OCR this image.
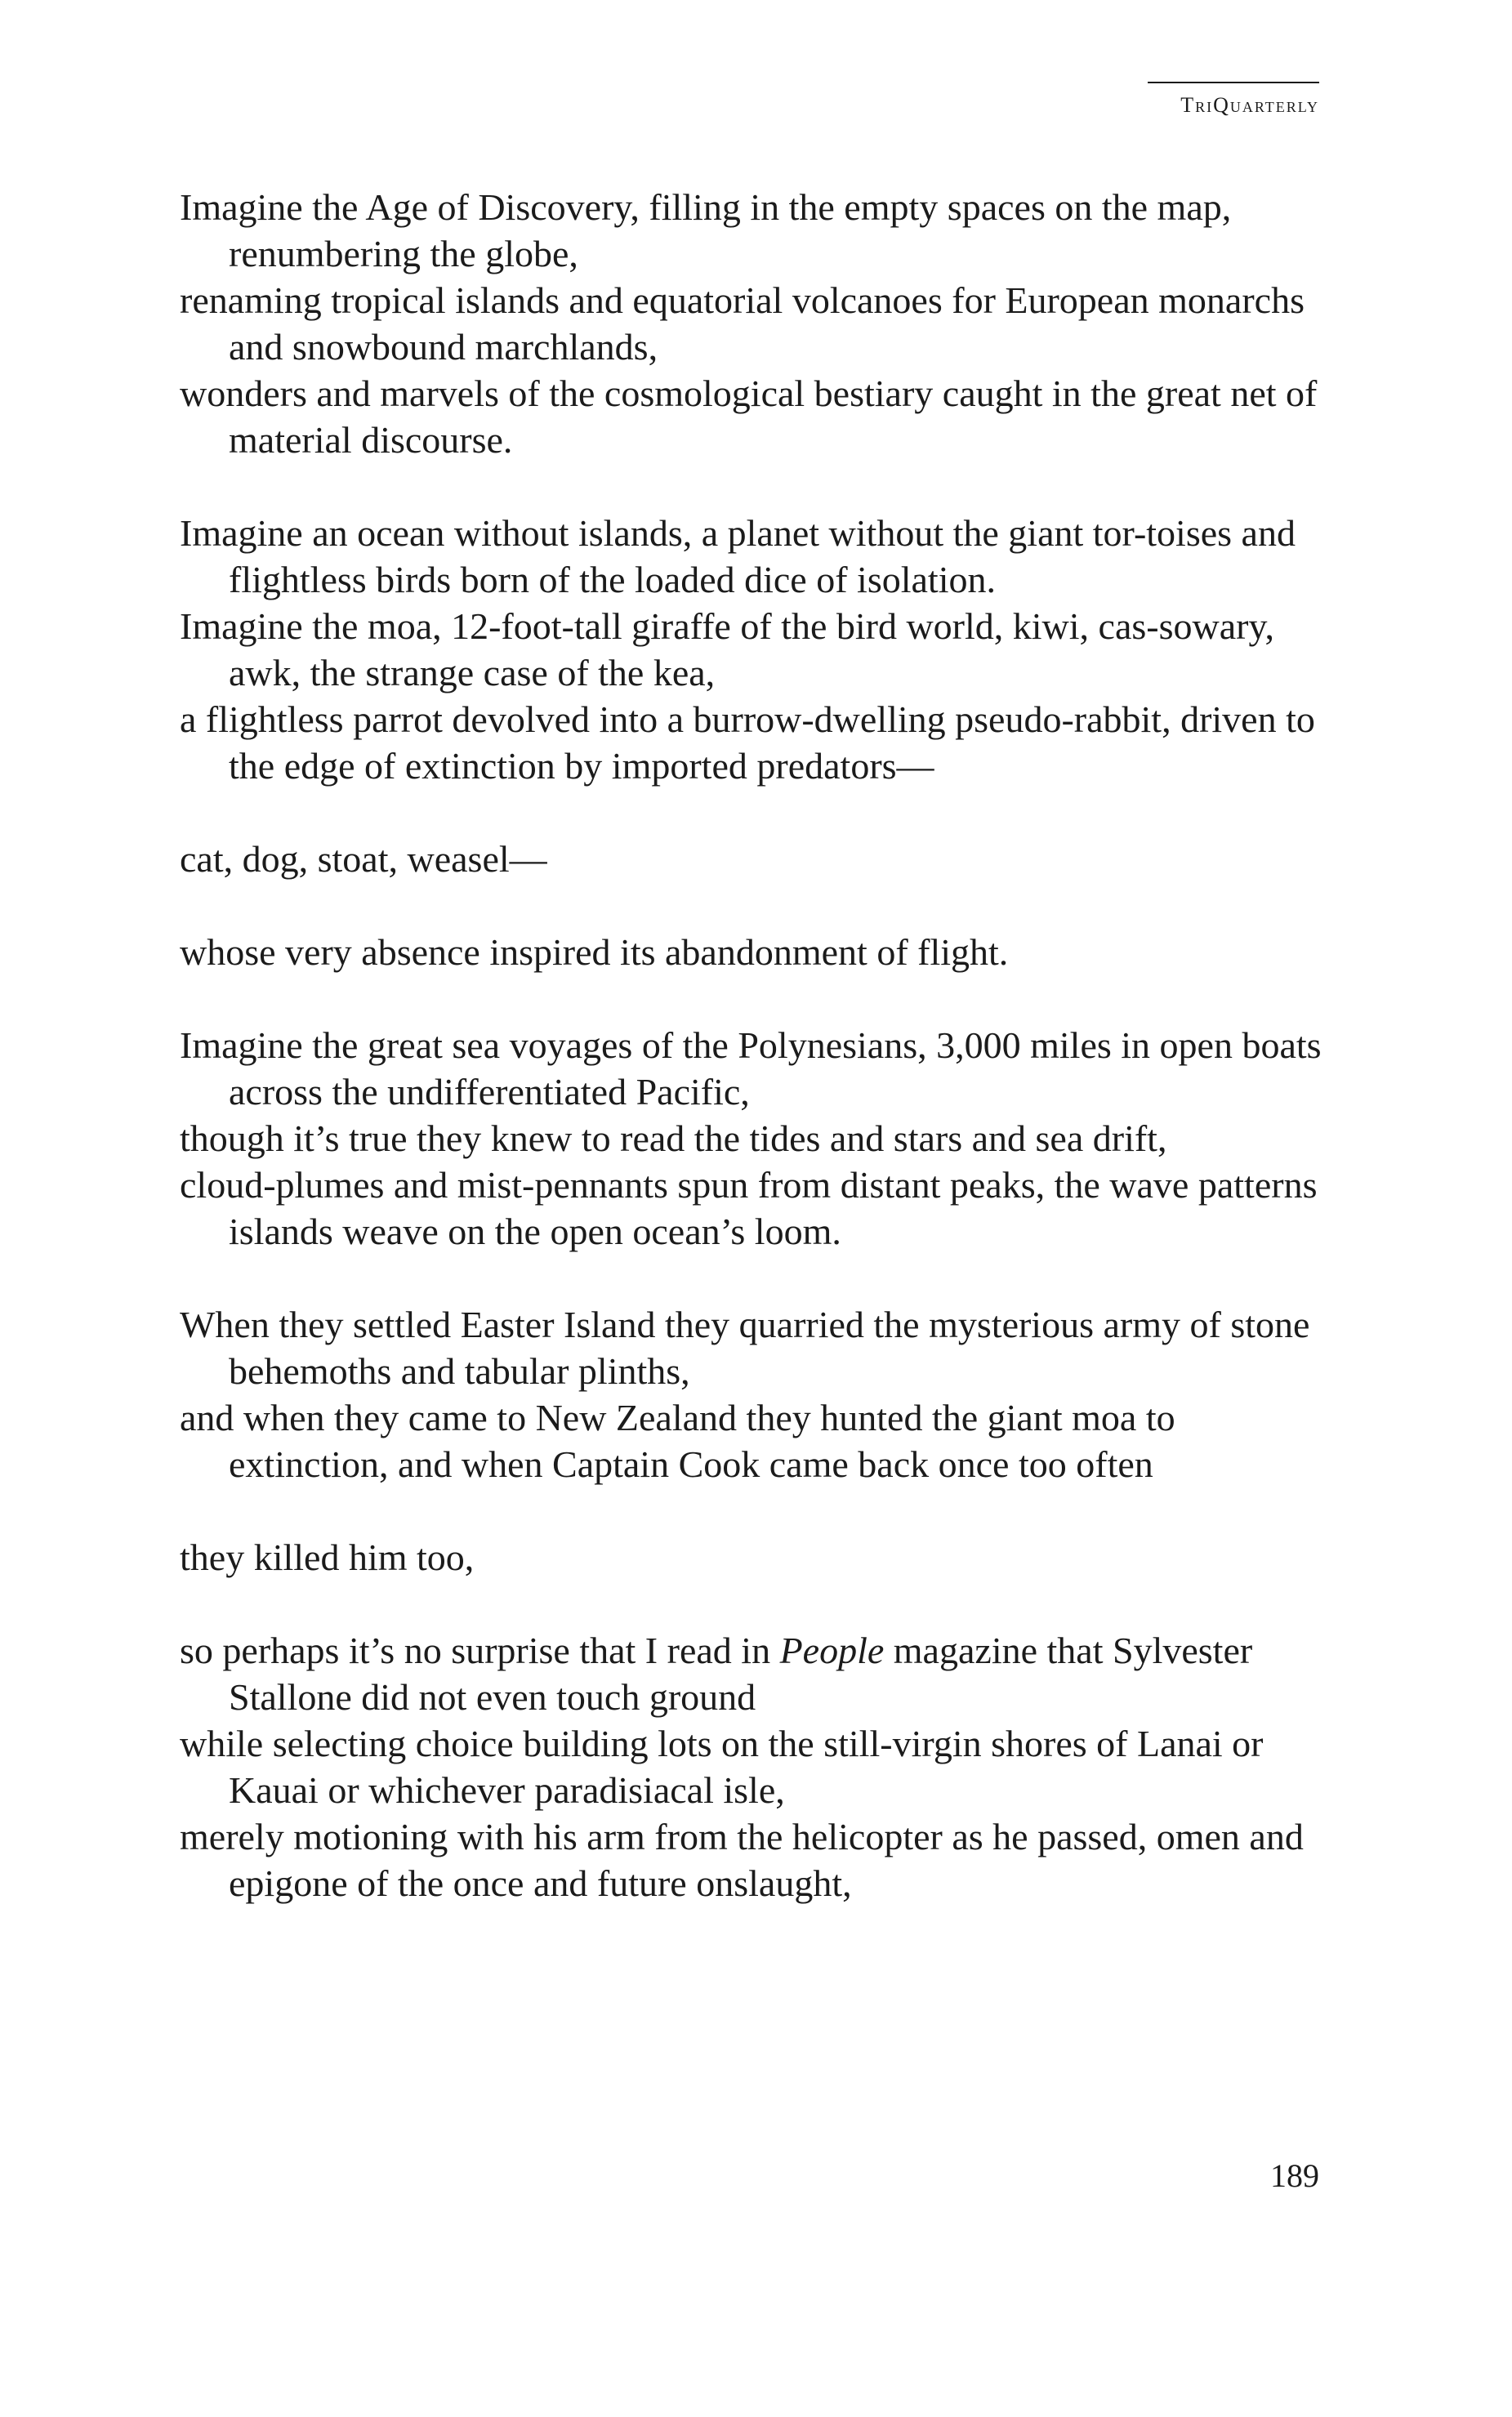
TriQuarterly
Imagine the Age of Discovery, filling in the empty spaces on the map, renumbering the globe,
renaming tropical islands and equatorial volcanoes for European monarchs and snowbound marchlands,
wonders and marvels of the cosmological bestiary caught in the great net of material discourse.
Imagine an ocean without islands, a planet without the giant tor-toises and flightless birds born of the loaded dice of isolation.
Imagine the moa, 12-foot-tall giraffe of the bird world, kiwi, cas-sowary, awk, the strange case of the kea,
a flightless parrot devolved into a burrow-dwelling pseudo-rabbit, driven to the edge of extinction by imported predators—
cat, dog, stoat, weasel—
whose very absence inspired its abandonment of flight.
Imagine the great sea voyages of the Polynesians, 3,000 miles in open boats across the undifferentiated Pacific,
though it’s true they knew to read the tides and stars and sea drift,
cloud-plumes and mist-pennants spun from distant peaks, the wave patterns islands weave on the open ocean’s loom.
When they settled Easter Island they quarried the mysterious army of stone behemoths and tabular plinths,
and when they came to New Zealand they hunted the giant moa to extinction, and when Captain Cook came back once too often
they killed him too,
so perhaps it’s no surprise that I read in People magazine that Sylvester Stallone did not even touch ground
while selecting choice building lots on the still-virgin shores of Lanai or Kauai or whichever paradisiacal isle,
merely motioning with his arm from the helicopter as he passed, omen and epigone of the once and future onslaught,
189
